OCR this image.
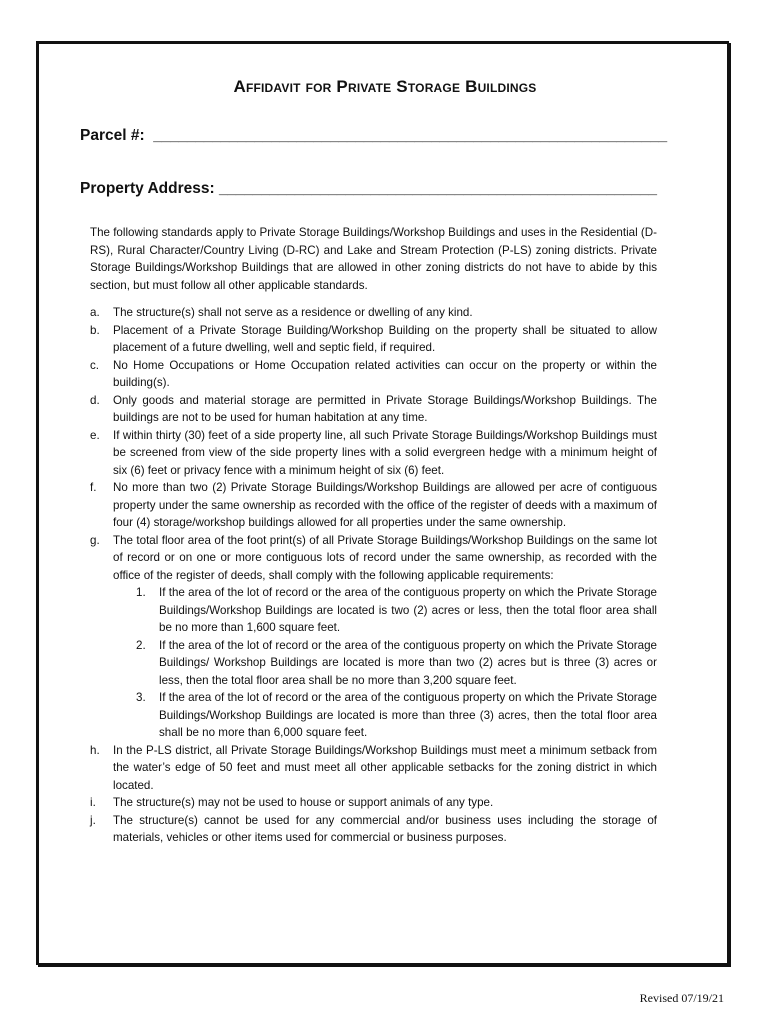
Affidavit for Private Storage Buildings
Parcel #: _____________________________________________________________
Property Address: ____________________________________________________

The following standards apply to Private Storage Buildings/Workshop Buildings and uses in the Residential (D-RS), Rural Character/Country Living (D-RC) and Lake and Stream Protection (P-LS) zoning districts. Private Storage Buildings/Workshop Buildings that are allowed in other zoning districts do not have to abide by this section, but must follow all other applicable standards.

a. The structure(s) shall not serve as a residence or dwelling of any kind.
b. Placement of a Private Storage Building/Workshop Building on the property shall be situated to allow placement of a future dwelling, well and septic field, if required.
c. No Home Occupations or Home Occupation related activities can occur on the property or within the building(s).
d. Only goods and material storage are permitted in Private Storage Buildings/Workshop Buildings. The buildings are not to be used for human habitation at any time.
e. If within thirty (30) feet of a side property line, all such Private Storage Buildings/Workshop Buildings must be screened from view of the side property lines with a solid evergreen hedge with a minimum height of six (6) feet or privacy fence with a minimum height of six (6) feet.
f. No more than two (2) Private Storage Buildings/Workshop Buildings are allowed per acre of contiguous property under the same ownership as recorded with the office of the register of deeds with a maximum of four (4) storage/workshop buildings allowed for all properties under the same ownership.
g. The total floor area of the foot print(s) of all Private Storage Buildings/Workshop Buildings on the same lot of record or on one or more contiguous lots of record under the same ownership, as recorded with the office of the register of deeds, shall comply with the following applicable requirements:
1. If the area of the lot of record or the area of the contiguous property on which the Private Storage Buildings/Workshop Buildings are located is two (2) acres or less, then the total floor area shall be no more than 1,600 square feet.
2. If the area of the lot of record or the area of the contiguous property on which the Private Storage Buildings/ Workshop Buildings are located is more than two (2) acres but is three (3) acres or less, then the total floor area shall be no more than 3,200 square feet.
3. If the area of the lot of record or the area of the contiguous property on which the Private Storage Buildings/Workshop Buildings are located is more than three (3) acres, then the total floor area shall be no more than 6,000 square feet.
h. In the P-LS district, all Private Storage Buildings/Workshop Buildings must meet a minimum setback from the water’s edge of 50 feet and must meet all other applicable setbacks for the zoning district in which located.
i. The structure(s) may not be used to house or support animals of any type.
j. The structure(s) cannot be used for any commercial and/or business uses including the storage of materials, vehicles or other items used for commercial or business purposes.
Revised 07/19/21
